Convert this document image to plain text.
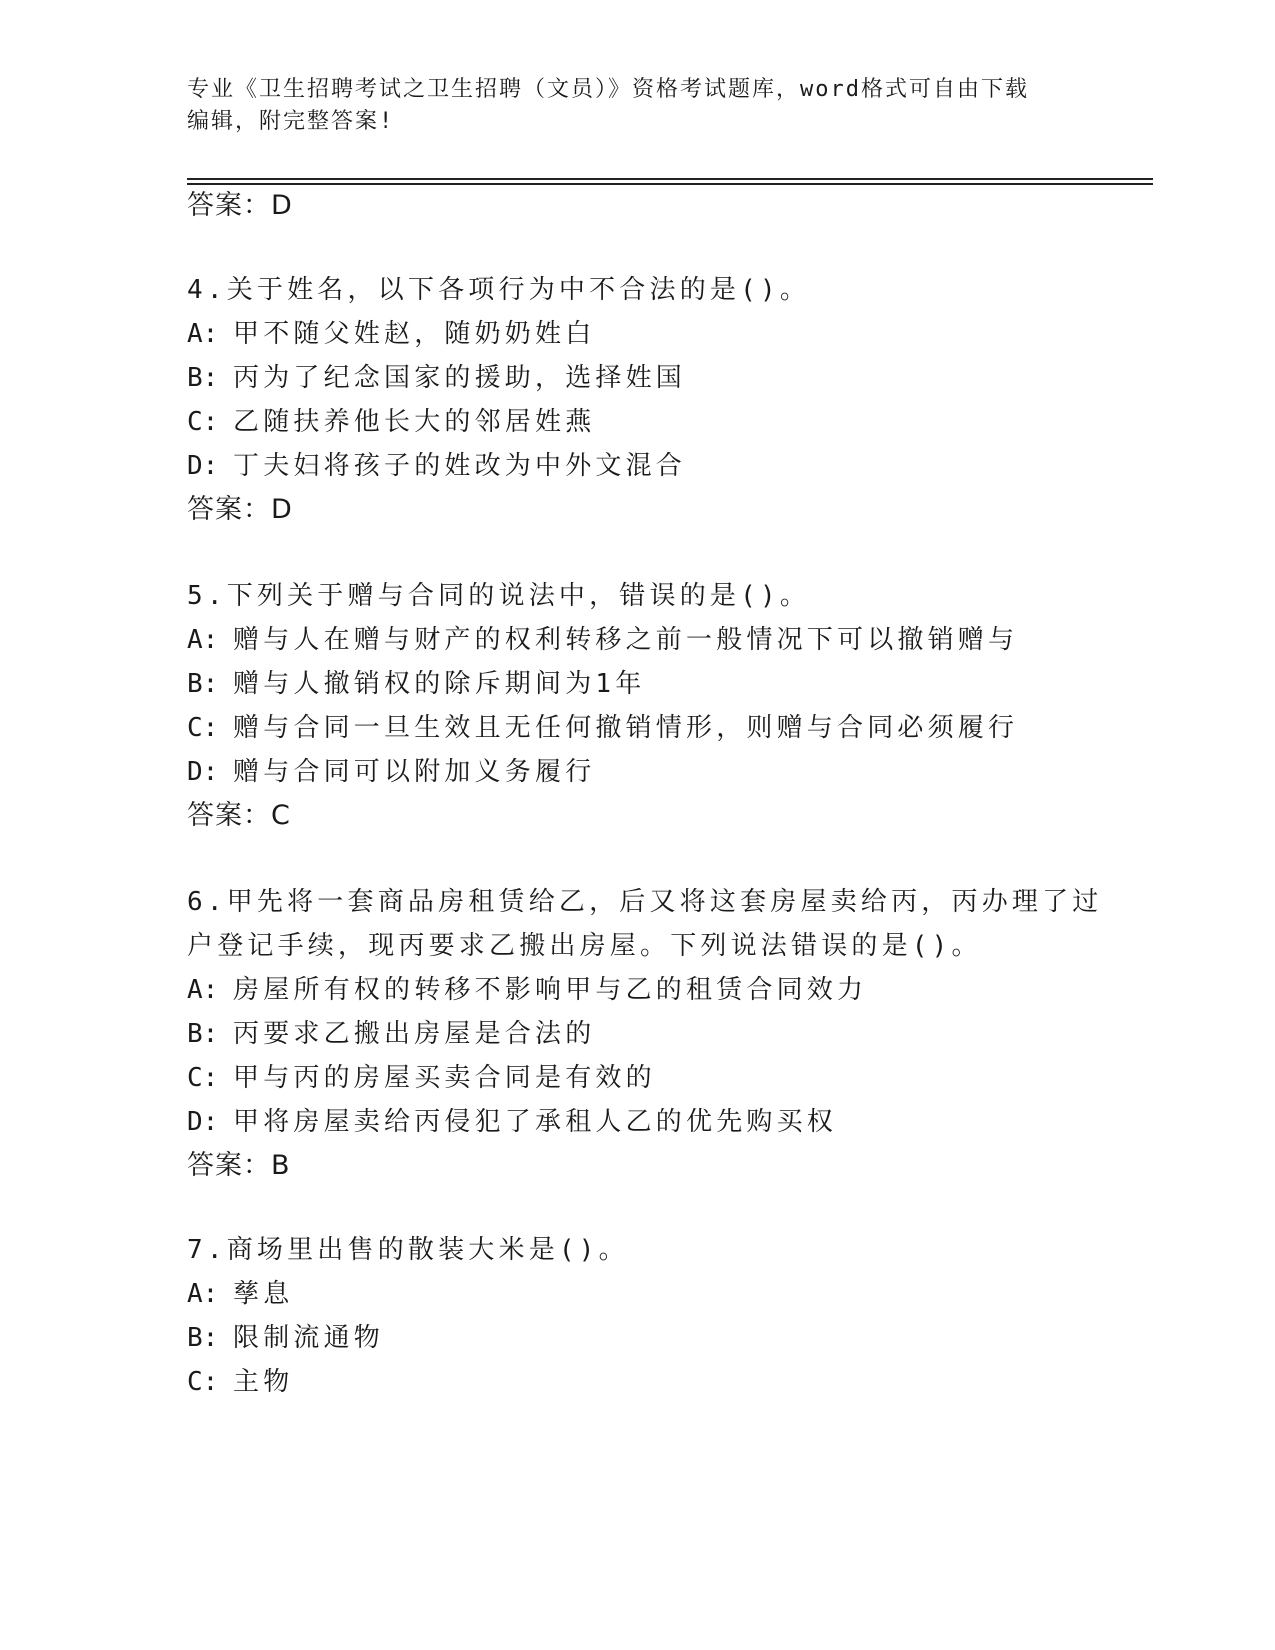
专业《卫生招聘考试之卫生招聘（文员）》资格考试题库，word格式可自由下载
编辑，附完整答案!
答案：D
4.关于姓名，以下各项行为中不合法的是()。
A: 甲不随父姓赵，随奶奶姓白
B: 丙为了纪念国家的援助，选择姓国
C: 乙随扶养他长大的邻居姓燕
D: 丁夫妇将孩子的姓改为中外文混合
答案：D
5.下列关于赠与合同的说法中，错误的是()。
A: 赠与人在赠与财产的权利转移之前一般情况下可以撤销赠与
B: 赠与人撤销权的除斥期间为1年
C: 赠与合同一旦生效且无任何撤销情形，则赠与合同必须履行
D: 赠与合同可以附加义务履行
答案：C
6.甲先将一套商品房租赁给乙，后又将这套房屋卖给丙，丙办理了过
户登记手续，现丙要求乙搬出房屋。下列说法错误的是()。
A: 房屋所有权的转移不影响甲与乙的租赁合同效力
B: 丙要求乙搬出房屋是合法的
C: 甲与丙的房屋买卖合同是有效的
D: 甲将房屋卖给丙侵犯了承租人乙的优先购买权
答案：B
7.商场里出售的散装大米是()。
A: 孳息
B: 限制流通物
C: 主物
